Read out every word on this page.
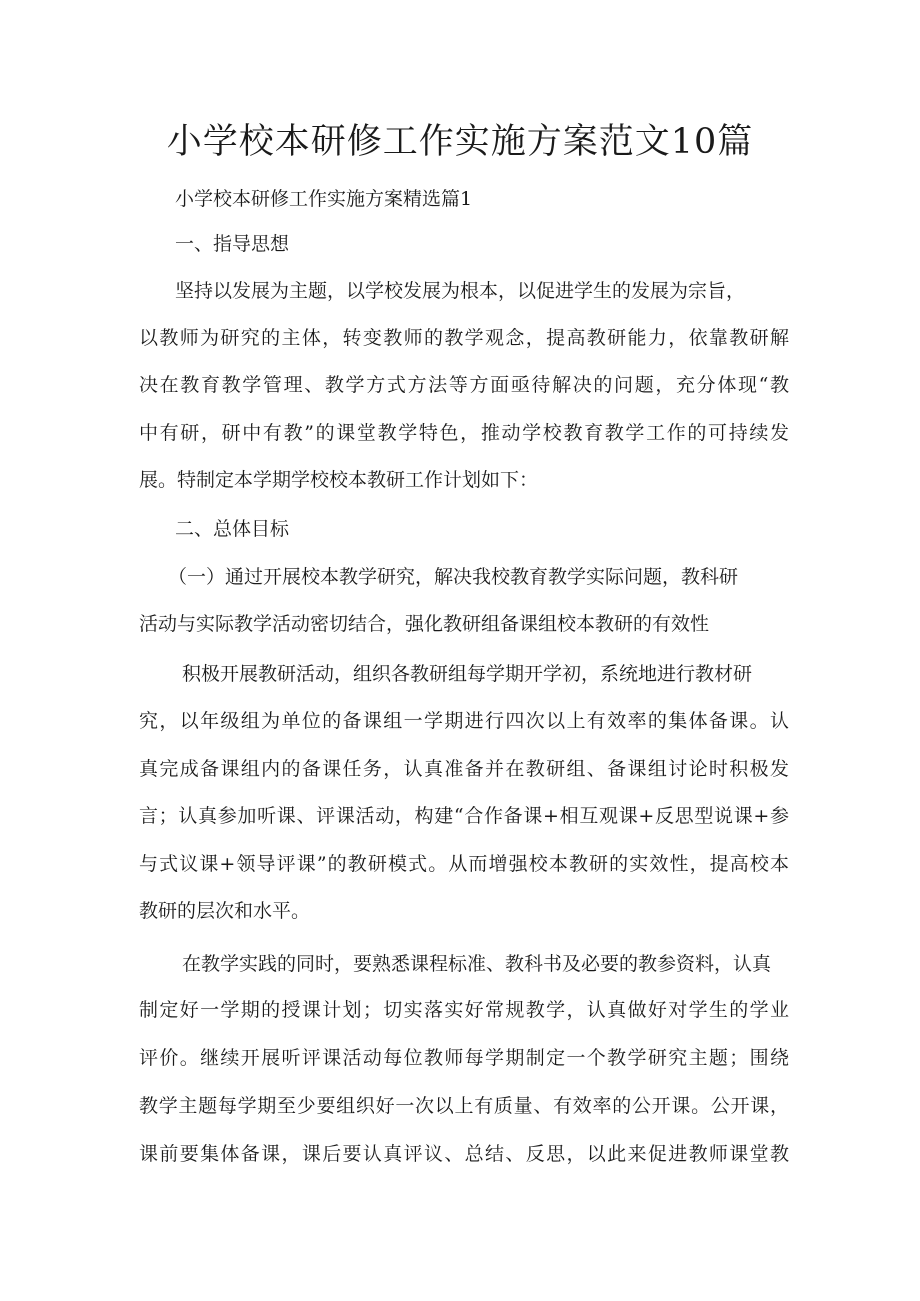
小学校本研修工作实施方案范文10篇

小学校本研修工作实施方案精选篇1

一、指导思想

坚持以发展为主题，以学校发展为根本，以促进学生的发展为宗旨，

以教师为研究的主体，转变教师的教学观念，提高教研能力，依靠教研解

决在教育教学管理、教学方式方法等方面亟待解决的问题，充分体现“教

中有研，研中有教”的课堂教学特色，推动学校教育教学工作的可持续发

展。特制定本学期学校校本教研工作计划如下：

二、总体目标

（一）通过开展校本教学研究，解决我校教育教学实际问题，教科研

活动与实际教学活动密切结合，强化教研组备课组校本教研的有效性

积极开展教研活动，组织各教研组每学期开学初，系统地进行教材研

究，以年级组为单位的备课组一学期进行四次以上有效率的集体备课。认

真完成备课组内的备课任务，认真准备并在教研组、备课组讨论时积极发

言；认真参加听课、评课活动，构建“合作备课+相互观课+反思型说课+参

与式议课+领导评课”的教研模式。从而增强校本教研的实效性，提高校本

教研的层次和水平。

在教学实践的同时，要熟悉课程标准、教科书及必要的教参资料，认真

制定好一学期的授课计划；切实落实好常规教学，认真做好对学生的学业

评价。继续开展听评课活动每位教师每学期制定一个教学研究主题；围绕

教学主题每学期至少要组织好一次以上有质量、有效率的公开课。公开课，

课前要集体备课，课后要认真评议、总结、反思，以此来促进教师课堂教
